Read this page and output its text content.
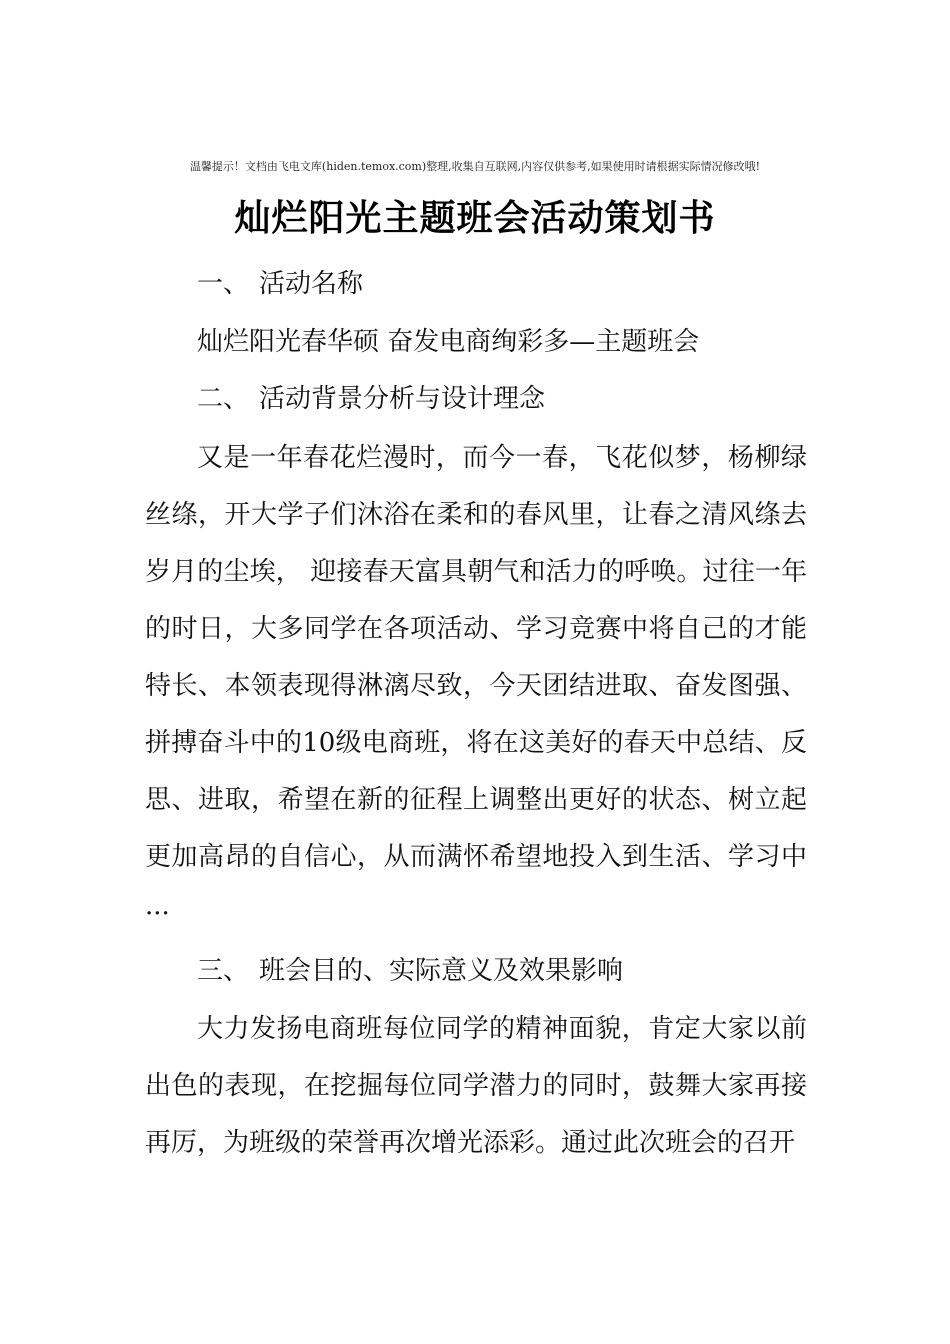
温馨提示！文档由飞电文库(hiden.temox.com)整理,收集自互联网,内容仅供参考,如果使用时请根据实际情况修改哦!
灿烂阳光主题班会活动策划书
一、 活动名称
灿烂阳光春华硕 奋发电商绚彩多—主题班会
二、 活动背景分析与设计理念
又是一年春花烂漫时，而今一春，飞花似梦，杨柳绿丝绦，开大学子们沐浴在柔和的春风里，让春之清风绦去岁月的尘埃， 迎接春天富具朝气和活力的呼唤。过往一年的时日，大多同学在各项活动、学习竞赛中将自己的才能特长、本领表现得淋漓尽致，今天团结进取、奋发图强、拼搏奋斗中的10级电商班，将在这美好的春天中总结、反思、进取，希望在新的征程上调整出更好的状态、树立起更加高昂的自信心，从而满怀希望地投入到生活、学习中···
三、 班会目的、实际意义及效果影响
大力发扬电商班每位同学的精神面貌，肯定大家以前出色的表现，在挖掘每位同学潜力的同时，鼓舞大家再接再厉，为班级的荣誉再次增光添彩。通过此次班会的召开
